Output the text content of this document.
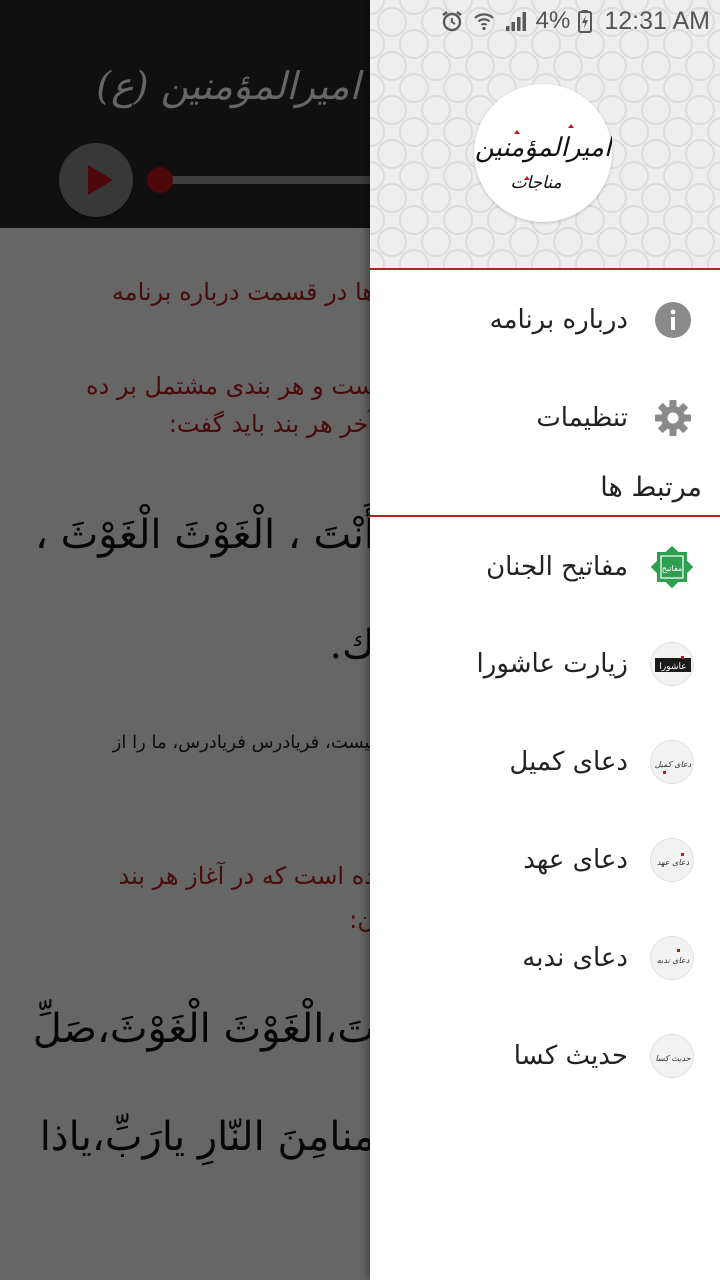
امیرالمؤمنین
مناجات
درباره برنامه
تنظیمات
مرتبط ها
مفاتیح
مفاتیح الجنان
عاشورا
زیارت عاشورا
دعای کمیل
دعای کمیل
دعای عهد
دعای عهد
دعای ندبه
دعای ندبه
حدیث کسا
حدیث کسا
4% 12:31 AM
